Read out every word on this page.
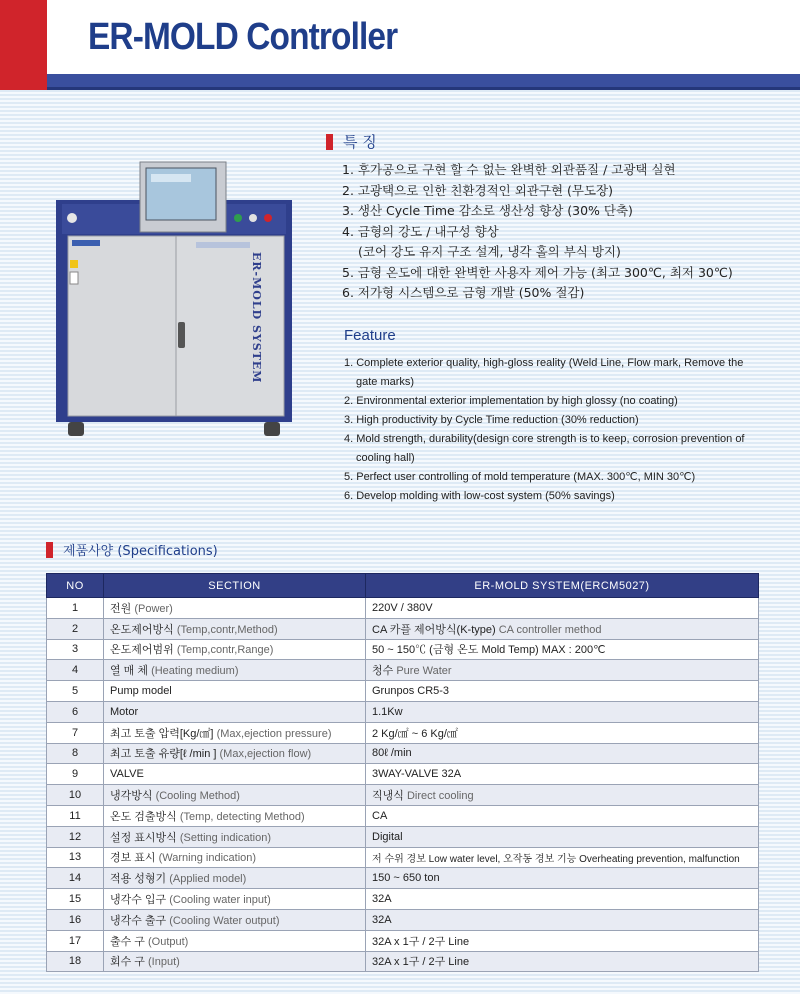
ER-MOLD Controller
ER-MOLD SYSTEM
특 징
1. 후가공으로 구현 할 수 없는 완벽한 외관품질 / 고광택 실현
2. 고광택으로 인한 친환경적인 외관구현 (무도장)
3. 생산 Cycle Time 감소로 생산성 향상 (30% 단축)
4. 금형의 강도 / 내구성 향상
(코어 강도 유지 구조 설계, 냉각 홀의 부식 방지)
5. 금형 온도에 대한 완벽한 사용자 제어 가능 (최고 300℃, 최저 30℃)
6. 저가형 시스템으로 금형 개발 (50% 절감)
Feature
1. Complete exterior quality, high-gloss reality (Weld Line, Flow mark, Remove the
gate marks)
2. Environmental exterior implementation by high glossy (no coating)
3. High productivity by Cycle Time reduction (30% reduction)
4. Mold strength, durability(design core strength is to keep, corrosion prevention of
cooling hall)
5. Perfect user controlling of mold temperature (MAX. 300℃, MIN 30℃)
6. Develop molding with low-cost system (50% savings)
제품사양 (Specifications)
NO	SECTION	ER-MOLD SYSTEM(ERCM5027)
1	전원 (Power)	220V / 380V
2	온도제어방식 (Temp,contr,Method)	CA 카플 제어방식(K-type) CA controller method
3	온도제어범위 (Temp,contr,Range)	50 ~ 150℃ (금형 온도 Mold Temp) MAX : 200℃
4	열 매 체 (Heating medium)	청수 Pure Water
5	Pump model	Grunpos CR5-3
6	Motor	1.1Kw
7	최고 토출 압력[Kg/㎠] (Max,ejection pressure)	2 Kg/㎠ ~ 6 Kg/㎠
8	최고 토출 유량[ℓ /min ] (Max,ejection flow)	80ℓ /min
9	VALVE	3WAY-VALVE 32A
10	냉각방식 (Cooling Method)	직냉식 Direct cooling
11	온도 검출방식 (Temp, detecting Method)	CA
12	설정 표시방식 (Setting indication)	Digital
13	경보 표시 (Warning indication)	저 수위 경보 Low water level, 오작동 경보 기능 Overheating prevention, malfunction
14	적용 성형기 (Applied model)	150 ~ 650 ton
15	냉각수 입구 (Cooling water input)	32A
16	냉각수 출구 (Cooling Water output)	32A
17	출수 구 (Output)	32A x 1구 / 2구 Line
18	회수 구 (Input)	32A x 1구 / 2구 Line
